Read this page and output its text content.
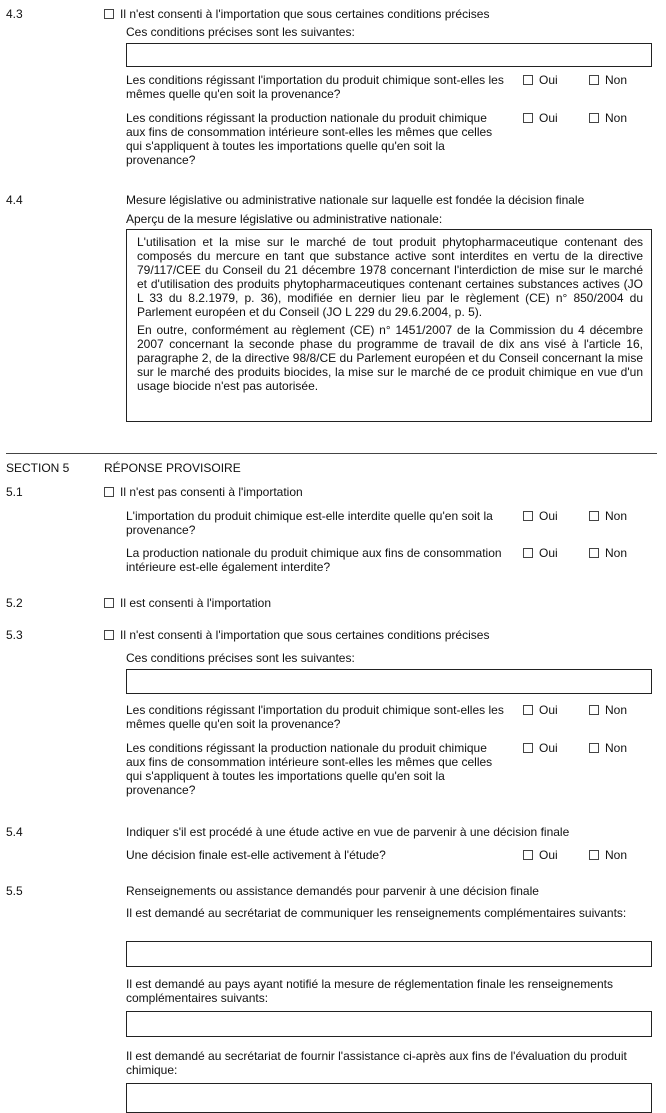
4.3	Il n'est consenti à l'importation que sous certaines conditions précises
Ces conditions précises sont les suivantes:
Les conditions régissant l'importation du produit chimique sont-elles les mêmes quelle qu'en soit la provenance?
Oui	Non
Les conditions régissant la production nationale du produit chimique aux fins de consommation intérieure sont-elles les mêmes que celles qui s'appliquent à toutes les importations quelle qu'en soit la provenance?
Oui	Non
4.4	Mesure législative ou administrative nationale sur laquelle est fondée la décision finale
Aperçu de la mesure législative ou administrative nationale:
L'utilisation et la mise sur le marché de tout produit phytopharmaceutique contenant des composés du mercure en tant que substance active sont interdites en vertu de la directive 79/117/CEE du Conseil du 21 décembre 1978 concernant l'interdiction de mise sur le marché et d'utilisation des produits phytopharmaceutiques contenant certaines substances actives (JO L 33 du 8.2.1979, p. 36), modifiée en dernier lieu par le règlement (CE) n° 850/2004 du Parlement européen et du Conseil (JO L 229 du 29.6.2004, p. 5).
En outre, conformément au règlement (CE) n° 1451/2007 de la Commission du 4 décembre 2007 concernant la seconde phase du programme de travail de dix ans visé à l'article 16, paragraphe 2, de la directive 98/8/CE du Parlement européen et du Conseil concernant la mise sur le marché des produits biocides, la mise sur le marché de ce produit chimique en vue d'un usage biocide n'est pas autorisée.
SECTION 5	RÉPONSE PROVISOIRE
5.1	Il n'est pas consenti à l'importation
L'importation du produit chimique est-elle interdite quelle qu'en soit la provenance?
Oui	Non
La production nationale du produit chimique aux fins de consommation intérieure est-elle également interdite?
Oui	Non
5.2	Il est consenti à l'importation
5.3	Il n'est consenti à l'importation que sous certaines conditions précises
Ces conditions précises sont les suivantes:
Les conditions régissant l'importation du produit chimique sont-elles les mêmes quelle qu'en soit la provenance?
Oui	Non
Les conditions régissant la production nationale du produit chimique aux fins de consommation intérieure sont-elles les mêmes que celles qui s'appliquent à toutes les importations quelle qu'en soit la provenance?
Oui	Non
5.4	Indiquer s'il est procédé à une étude active en vue de parvenir à une décision finale
Une décision finale est-elle activement à l'étude?	Oui	Non
5.5	Renseignements ou assistance demandés pour parvenir à une décision finale
Il est demandé au secrétariat de communiquer les renseignements complémentaires suivants:
Il est demandé au pays ayant notifié la mesure de réglementation finale les renseignements complémentaires suivants:
Il est demandé au secrétariat de fournir l'assistance ci-après aux fins de l'évaluation du produit chimique:
